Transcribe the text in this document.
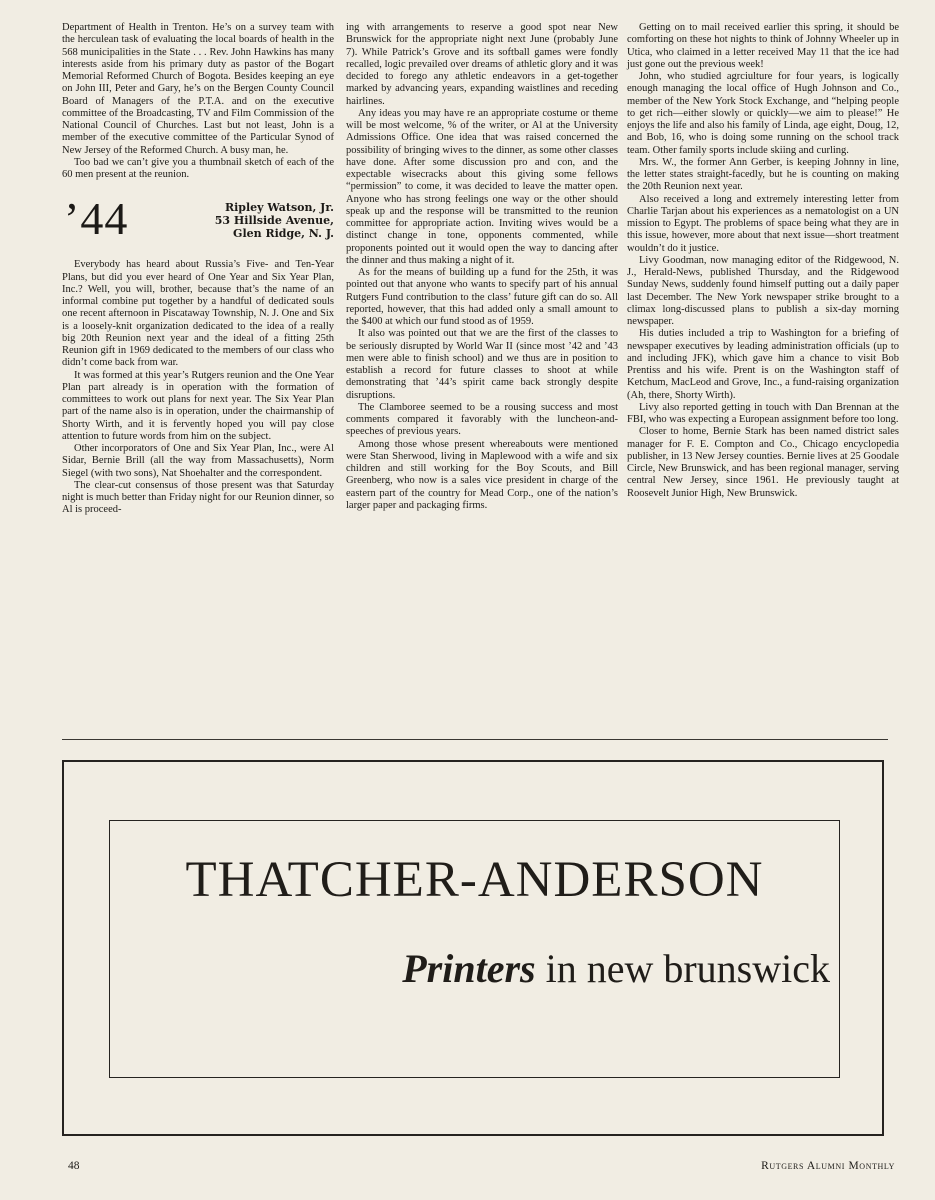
Department of Health in Trenton. He’s on a survey team with the herculean task of evaluating the local boards of health in the 568 municipalities in the State . . . Rev. John Hawkins has many interests aside from his primary duty as pastor of the Bogart Memorial Reformed Church of Bogota. Besides keeping an eye on John III, Peter and Gary, he’s on the Bergen County Council Board of Managers of the P.T.A. and on the executive committee of the Broadcasting, TV and Film Commission of the National Council of Churches. Last but not least, John is a member of the executive committee of the Particular Synod of New Jersey of the Reformed Church. A busy man, he.

Too bad we can’t give you a thumbnail sketch of each of the 60 men present at the reunion.

’44	Ripley Watson, Jr.
53 Hillside Avenue,
Glen Ridge, N. J.

Everybody has heard about Russia’s Five- and Ten-Year Plans, but did you ever heard of One Year and Six Year Plan, Inc.? Well, you will, brother, because that’s the name of an informal combine put together by a handful of dedicated souls one recent afternoon in Piscataway Township, N. J. One and Six is a loosely-knit organization dedicated to the idea of a really big 20th Reunion next year and the ideal of a fitting 25th Reunion gift in 1969 dedicated to the members of our class who didn’t come back from war.

It was formed at this year’s Rutgers reunion and the One Year Plan part already is in operation with the formation of committees to work out plans for next year. The Six Year Plan part of the name also is in operation, under the chairmanship of Shorty Wirth, and it is fervently hoped you will pay close attention to future words from him on the subject.

Other incorporators of One and Six Year Plan, Inc., were Al Sidar, Bernie Brill (all the way from Massachusetts), Norm Siegel (with two sons), Nat Shoehalter and the correspondent.

The clear-cut consensus of those present was that Saturday night is much better than Friday night for our Reunion dinner, so Al is proceed-

ing with arrangements to reserve a good spot near New Brunswick for the appropriate night next June (probably June 7). While Patrick’s Grove and its softball games were fondly recalled, logic prevailed over dreams of athletic glory and it was decided to forego any athletic endeavors in a get-together marked by advancing years, expanding waistlines and receding hairlines.

Any ideas you may have re an appropriate costume or theme will be most welcome, % of the writer, or Al at the University Admissions Office. One idea that was raised concerned the possibility of bringing wives to the dinner, as some other classes have done. After some discussion pro and con, and the expectable wisecracks about this giving some fellows “permission” to come, it was decided to leave the matter open. Anyone who has strong feelings one way or the other should speak up and the response will be transmitted to the reunion committee for appropriate action. Inviting wives would be a distinct change in tone, opponents commented, while proponents pointed out it would open the way to dancing after the dinner and thus making a night of it.

As for the means of building up a fund for the 25th, it was pointed out that anyone who wants to specify part of his annual Rutgers Fund contribution to the class’ future gift can do so. All reported, however, that this had added only a small amount to the $400 at which our fund stood as of 1959.

It also was pointed out that we are the first of the classes to be seriously disrupted by World War II (since most ’42 and ’43 men were able to finish school) and we thus are in position to establish a record for future classes to shoot at while demonstrating that ’44’s spirit came back strongly despite disruptions.

The Clamboree seemed to be a rousing success and most comments compared it favorably with the luncheon-and-speeches of previous years.

Among those whose present whereabouts were mentioned were Stan Sherwood, living in Maplewood with a wife and six children and still working for the Boy Scouts, and Bill Greenberg, who now is a sales vice president in charge of the eastern part of the country for Mead Corp., one of the nation’s larger paper and packaging firms.

Getting on to mail received earlier this spring, it should be comforting on these hot nights to think of Johnny Wheeler up in Utica, who claimed in a letter received May 11 that the ice had just gone out the previous week!

John, who studied agrciulture for four years, is logically enough managing the local office of Hugh Johnson and Co., member of the New York Stock Exchange, and “helping people to get rich—either slowly or quickly—we aim to please!” He enjoys the life and also his family of Linda, age eight, Doug, 12, and Bob, 16, who is doing some running on the school track team. Other family sports include skiing and curling.

Mrs. W., the former Ann Gerber, is keeping Johnny in line, the letter states straight-facedly, but he is counting on making the 20th Reunion next year.

Also received a long and extremely interesting letter from Charlie Tarjan about his experiences as a nematologist on a UN mission to Egypt. The problems of space being what they are in this issue, however, more about that next issue—short treatment wouldn’t do it justice.

Livy Goodman, now managing editor of the Ridgewood, N. J., Herald-News, published Thursday, and the Ridgewood Sunday News, suddenly found himself putting out a daily paper last December. The New York newspaper strike brought to a climax long-discussed plans to publish a six-day morning newspaper.

His duties included a trip to Washington for a briefing of newspaper executives by leading administration officials (up to and including JFK), which gave him a chance to visit Bob Prentiss and his wife. Prent is on the Washington staff of Ketchum, MacLeod and Grove, Inc., a fund-raising organization (Ah, there, Shorty Wirth).

Livy also reported getting in touch with Dan Brennan at the FBI, who was expecting a European assignment before too long.

Closer to home, Bernie Stark has been named district sales manager for F. E. Compton and Co., Chicago encyclopedia publisher, in 13 New Jersey counties. Bernie lives at 25 Goodale Circle, New Brunswick, and has been regional manager, serving central New Jersey, since 1961. He previously taught at Roosevelt Junior High, New Brunswick.

THATCHER-ANDERSON
Printers in new brunswick
48	Rutgers Alumni Monthly
